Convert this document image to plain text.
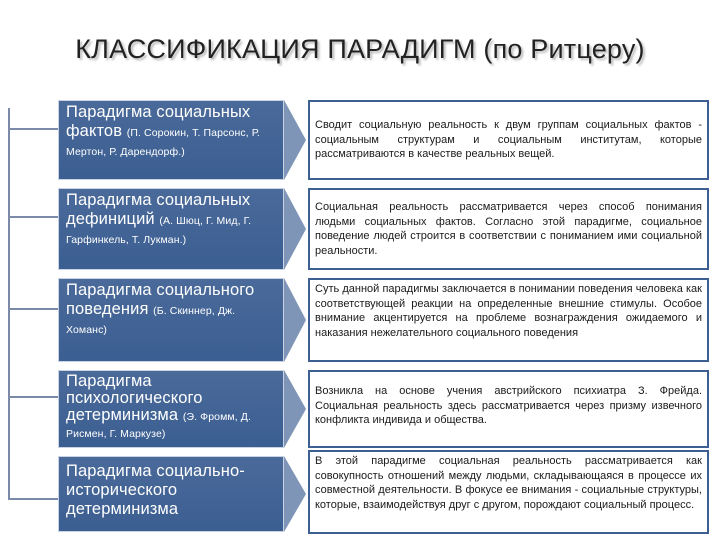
КЛАССИФИКАЦИЯ ПАРАДИГМ (по Ритцеру)
Парадигма социальных фактов (П. Сорокин, Т. Парсонс, Р. Мертон, Р. Дарендорф.)
Сводит социальную реальность к двум группам социальных фактов - социальным структурам и социальным институтам, которые рассматриваются в качестве реальных вещей.
Парадигма социальных дефиниций (А. Шюц, Г. Мид, Г. Гарфинкель, Т. Лукман.)
Социальная реальность рассматривается через способ понимания людьми социальных фактов. Согласно этой парадигме, социальное поведение людей строится в соответствии с пониманием ими социальной реальности.
Парадигма социального поведения (Б. Скиннер, Дж. Хоманс)
Суть данной парадигмы заключается в понимании поведения человека как соответствующей реакции на определенные внешние стимулы. Особое внимание акцентируется на проблеме вознаграждения ожидаемого и наказания нежелательного социального поведения
Парадигма психологического детерминизма (Э. Фромм, Д. Рисмен, Г. Маркузе)
Возникла на основе учения австрийского психиатра З. Фрейда. Социальная реальность здесь рассматривается через призму извечного конфликта индивида и общества.
Парадигма социально-исторического детерминизма
В этой парадигме социальная реальность рассматривается как совокупность отношений между людьми, складывающаяся в процессе их совместной деятельности. В фокусе ее внимания - социальные структуры, которые, взаимодействуя друг с другом, порождают социальный процесс.
